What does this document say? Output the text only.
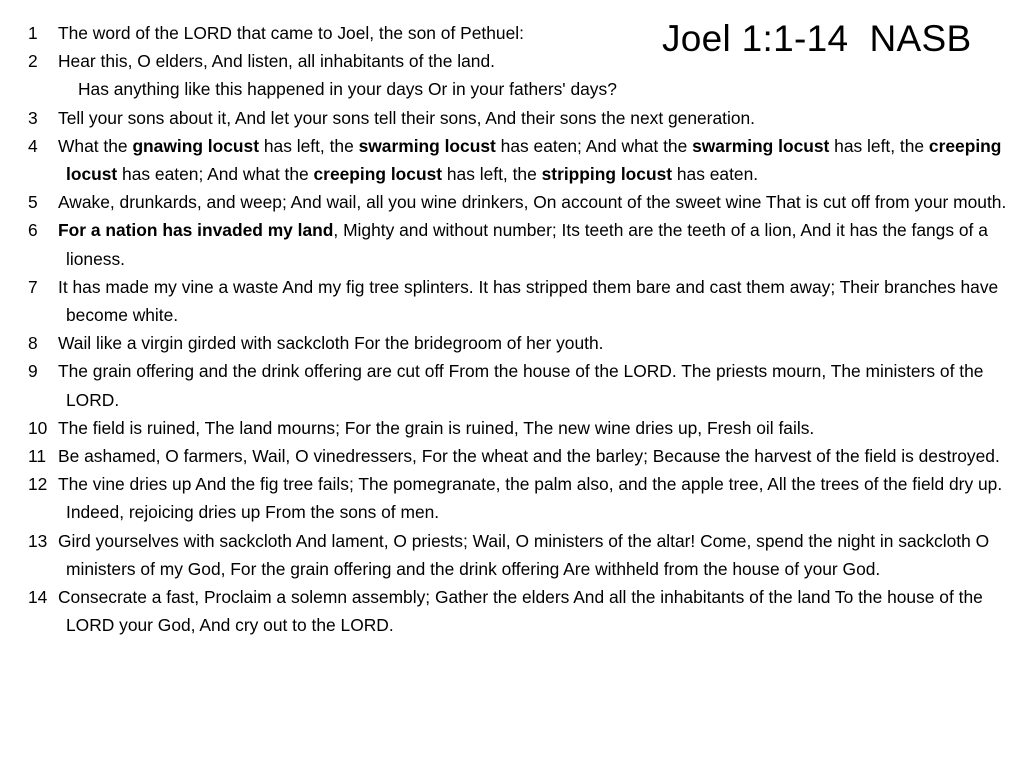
Joel 1:1-14  NASB
1 The word of the LORD that came to Joel, the son of Pethuel:
2 Hear this, O elders, And listen, all inhabitants of the land.
Has anything like this happened in your days Or in your fathers' days?
3 Tell your sons about it, And let your sons tell their sons, And their sons the next generation.
4 What the gnawing locust has left, the swarming locust has eaten; And what the swarming locust has left, the creeping locust has eaten; And what the creeping locust has left, the stripping locust has eaten.
5 Awake, drunkards, and weep; And wail, all you wine drinkers, On account of the sweet wine That is cut off from your mouth.
6 For a nation has invaded my land, Mighty and without number; Its teeth are the teeth of a lion, And it has the fangs of a lioness.
7 It has made my vine a waste And my fig tree splinters. It has stripped them bare and cast them away; Their branches have become white.
8 Wail like a virgin girded with sackcloth For the bridegroom of her youth.
9 The grain offering and the drink offering are cut off From the house of the LORD. The priests mourn, The ministers of the LORD.
10 The field is ruined, The land mourns; For the grain is ruined, The new wine dries up, Fresh oil fails.
11 Be ashamed, O farmers, Wail, O vinedressers, For the wheat and the barley; Because the harvest of the field is destroyed.
12 The vine dries up And the fig tree fails; The pomegranate, the palm also, and the apple tree, All the trees of the field dry up. Indeed, rejoicing dries up From the sons of men.
13 Gird yourselves with sackcloth And lament, O priests; Wail, O ministers of the altar! Come, spend the night in sackcloth O ministers of my God, For the grain offering and the drink offering Are withheld from the house of your God.
14 Consecrate a fast, Proclaim a solemn assembly; Gather the elders And all the inhabitants of the land To the house of the LORD your God, And cry out to the LORD.
